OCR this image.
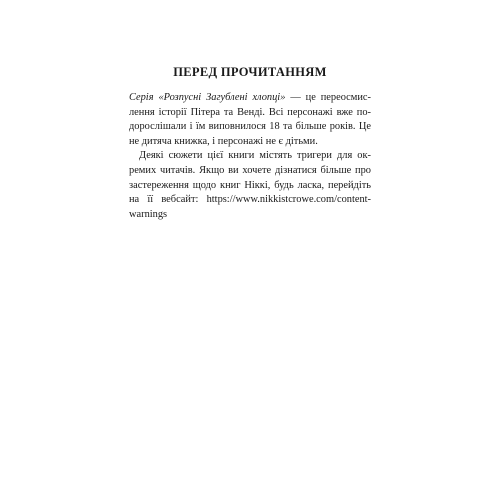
ПЕРЕД ПРОЧИТАННЯМ
Серія «Розпусні Загублені хлопці» — це переосмис-
лення історії Пітера та Венді. Всі персонажі вже по-
дорослішали і їм виповнилося 18 та більше років. Це
не дитяча книжка, і персонажі не є дітьми.
Деякі сюжети цієї книги містять тригери для ок-
ремих читачів. Якщо ви хочете дізнатися більше про
застереження щодо книг Ніккі, будь ласка, перейдіть
на її вебсайт: https://www.nikkistcrowe.com/content-
warnings
